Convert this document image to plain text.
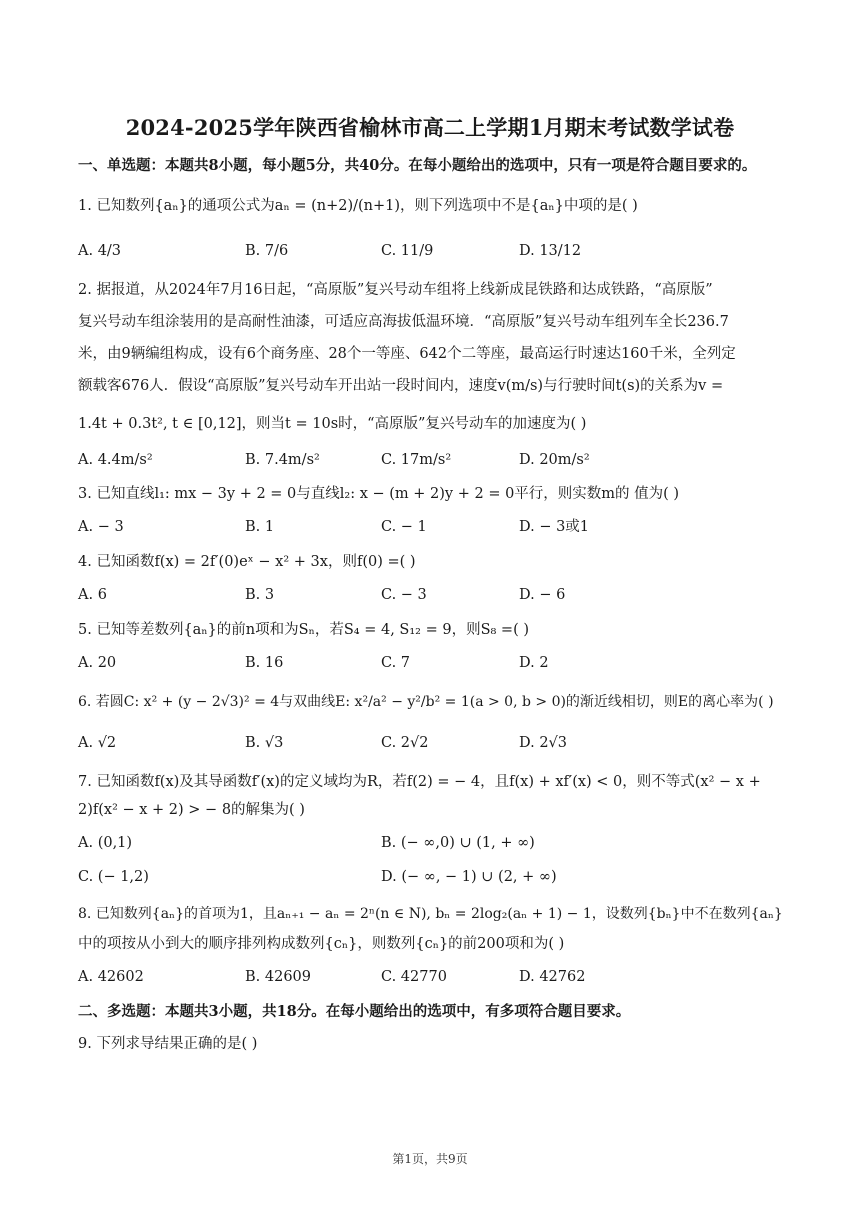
2024-2025学年陕西省榆林市高二上学期1月期末考试数学试卷
一、单选题：本题共8小题，每小题5分，共40分。在每小题给出的选项中，只有一项是符合题目要求的。
1. 已知数列{aₙ}的通项公式为aₙ = (n+2)/(n+1)，则下列选项中不是{aₙ}中项的是( )
A. 4/3	B. 7/6	C. 11/9	D. 13/12
2. 据报道，从2024年7月16日起，“高原版”复兴号动车组将上线新成昆铁路和达成铁路，“高原版”
复兴号动车组涂装用的是高耐性油漆，可适应高海拔低温环境．“高原版”复兴号动车组列车全长236.7
米，由9辆编组构成，设有6个商务座、28个一等座、642个二等座，最高运行时速达160千米，全列定
额载客676人．假设“高原版”复兴号动车开出站一段时间内，速度v(m/s)与行驶时间t(s)的关系为v =
1.4t + 0.3t², t ∈ [0,12]，则当t = 10s时，“高原版”复兴号动车的加速度为( )
A. 4.4m/s²	B. 7.4m/s²	C. 17m/s²	D. 20m/s²
3. 已知直线l₁: mx − 3y + 2 = 0与直线l₂: x − (m + 2)y + 2 = 0平行，则实数m的 值为( )
A. − 3	B. 1	C. − 1	D. − 3或1
4. 已知函数f(x) = 2f′(0)eˣ − x² + 3x，则f(0) =( )
A. 6	B. 3	C. − 3	D. − 6
5. 已知等差数列{aₙ}的前n项和为Sₙ，若S₄ = 4, S₁₂ = 9，则S₈ =( )
A. 20	B. 16	C. 7	D. 2
6. 若圆C: x² + (y − 2√3)² = 4与双曲线E: x²/a² − y²/b² = 1(a > 0, b > 0)的渐近线相切，则E的离心率为( )
A. √2	B. √3	C. 2√2	D. 2√3
7. 已知函数f(x)及其导函数f′(x)的定义域均为R，若f(2) = − 4，且f(x) + xf′(x) < 0，则不等式(x² − x +
2)f(x² − x + 2) > − 8的解集为( )
A. (0,1)	B. (− ∞,0) ∪ (1, + ∞)
C. (− 1,2)	D. (− ∞, − 1) ∪ (2, + ∞)
8. 已知数列{aₙ}的首项为1，且aₙ₊₁ − aₙ = 2ⁿ(n ∈ N), bₙ = 2log₂(aₙ + 1) − 1，设数列{bₙ}中不在数列{aₙ}
中的项按从小到大的顺序排列构成数列{cₙ}，则数列{cₙ}的前200项和为( )
A. 42602	B. 42609	C. 42770	D. 42762
二、多选题：本题共3小题，共18分。在每小题给出的选项中，有多项符合题目要求。
9. 下列求导结果正确的是( )
第1页，共9页
